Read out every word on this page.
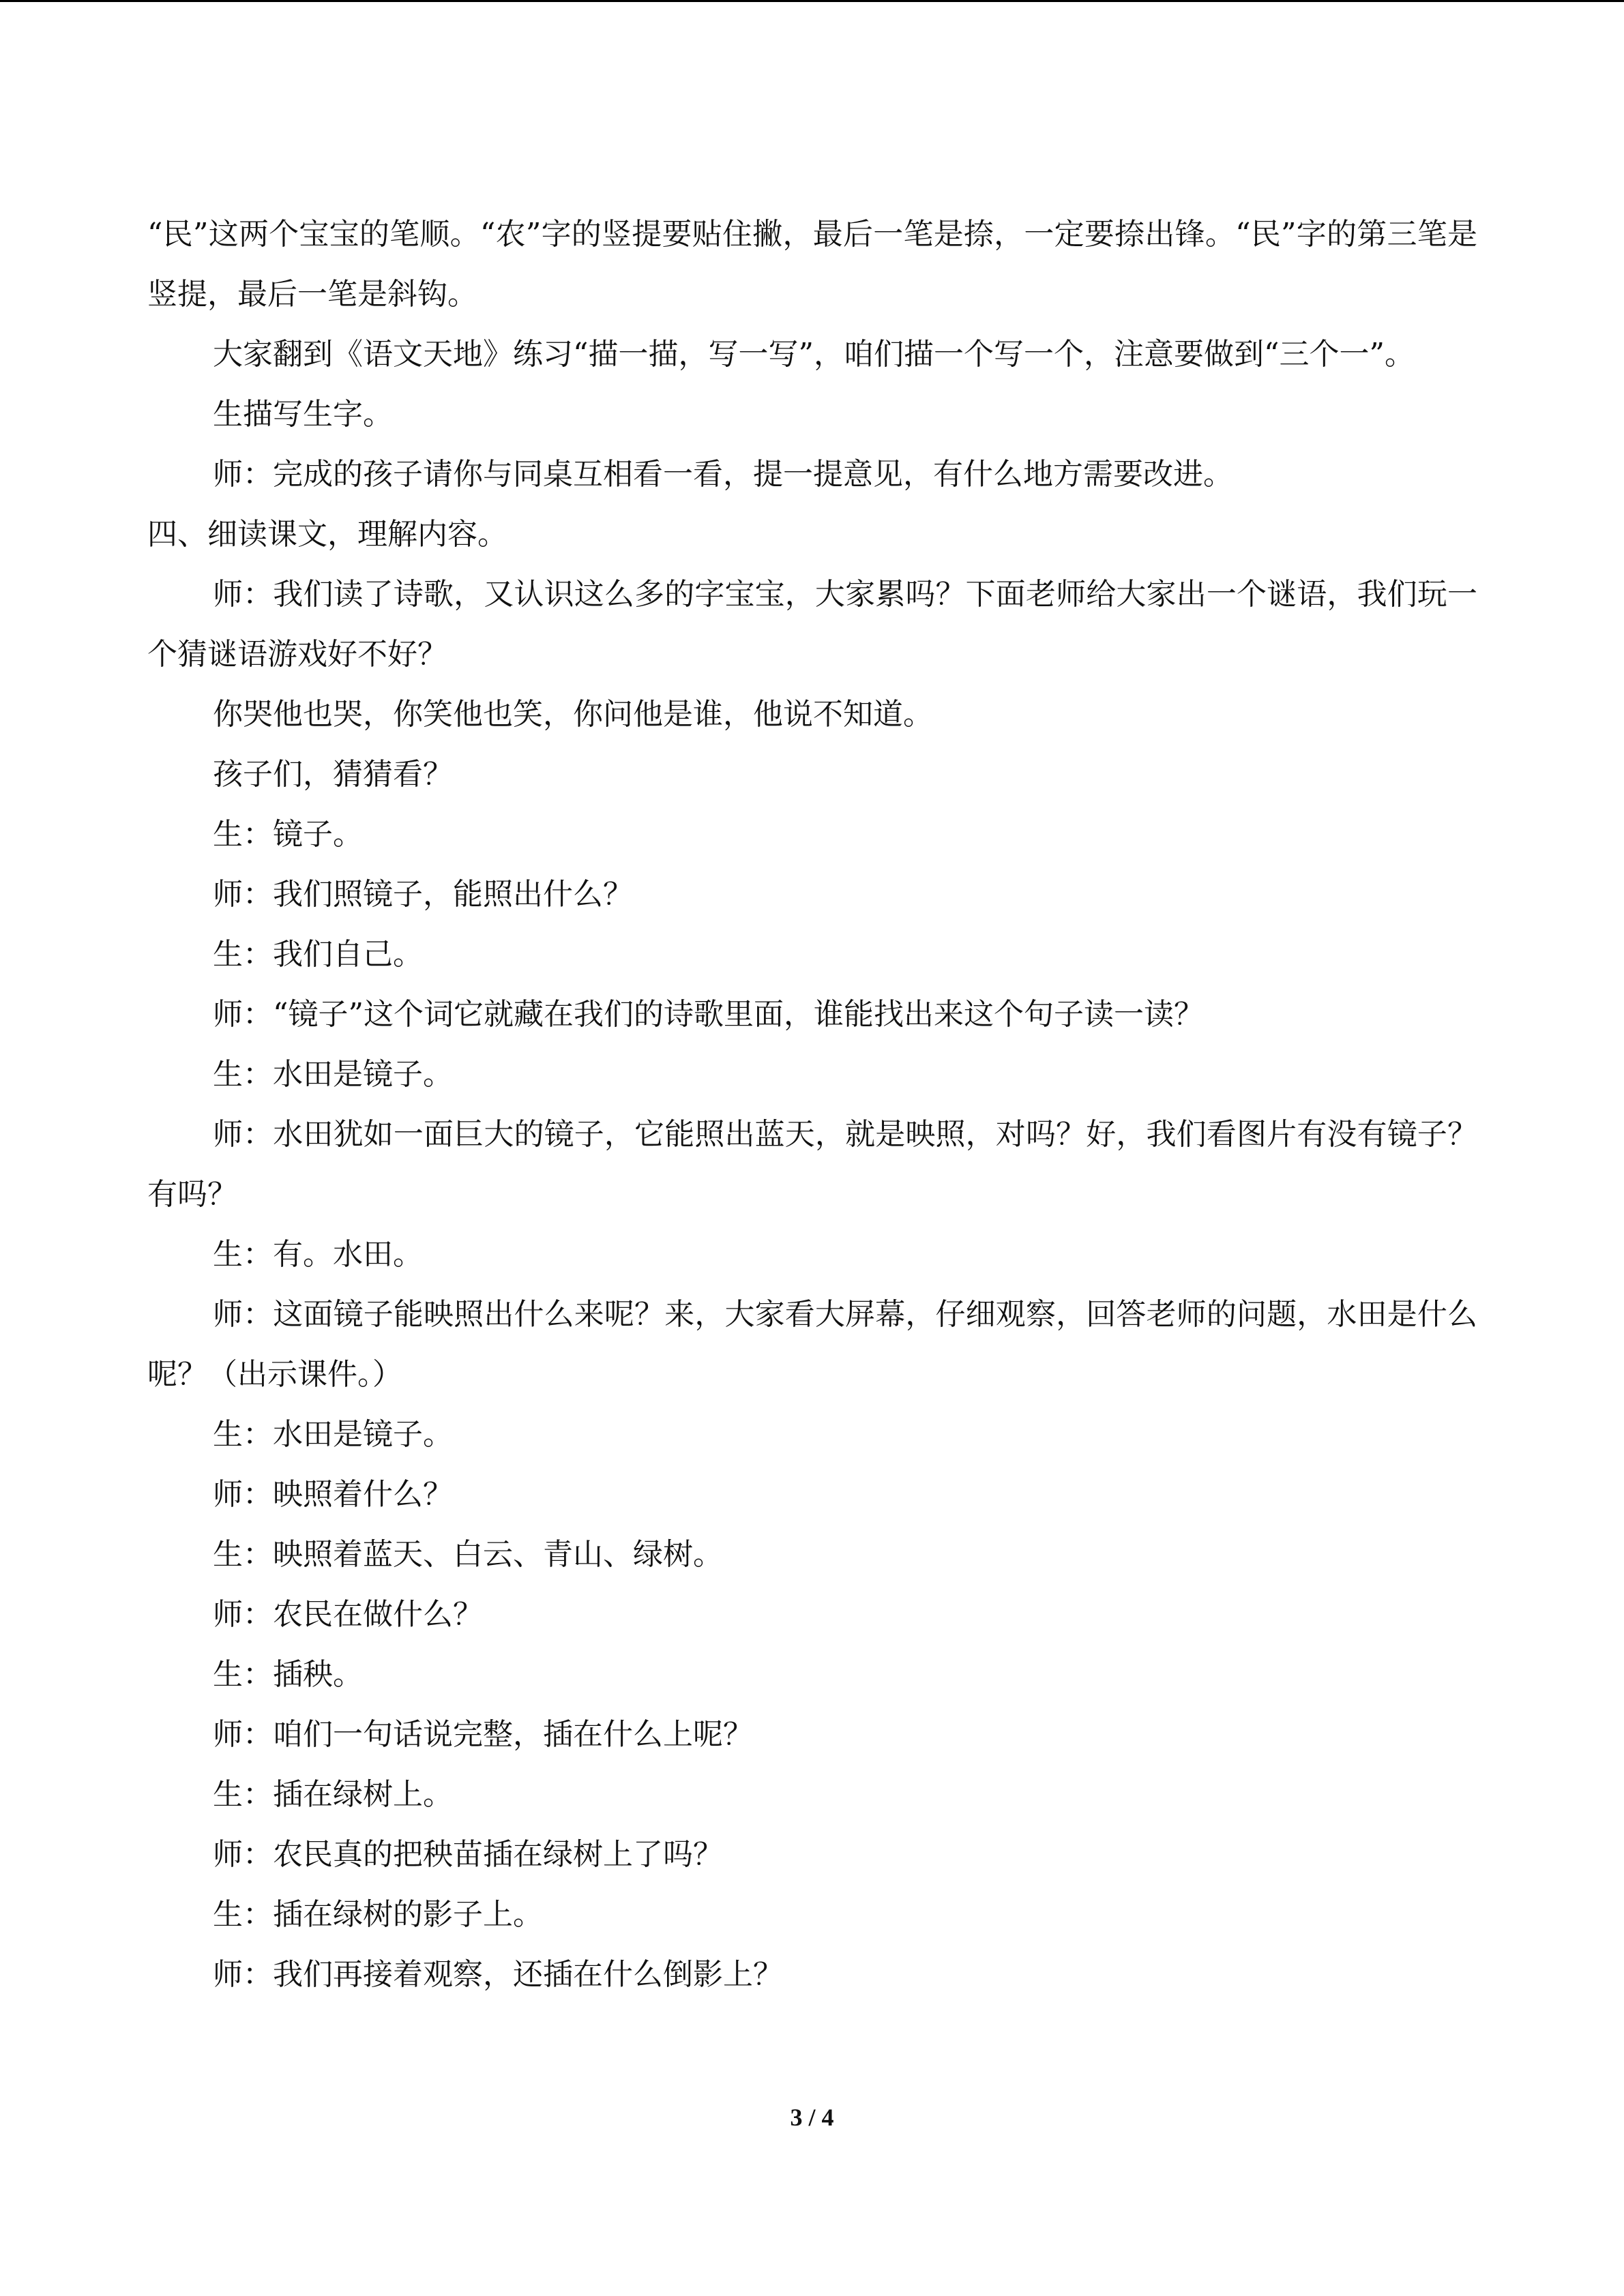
“民”这两个宝宝的笔顺。“农”字的竖提要贴住撇，最后一笔是捺，一定要捺出锋。“民”字的第三笔是竖提，最后一笔是斜钩。

大家翻到《语文天地》练习“描一描，写一写”，咱们描一个写一个，注意要做到“三个一”。

生描写生字。

师：完成的孩子请你与同桌互相看一看，提一提意见，有什么地方需要改进。

四、细读课文，理解内容。

师：我们读了诗歌，又认识这么多的字宝宝，大家累吗？下面老师给大家出一个谜语，我们玩一个猜谜语游戏好不好？

你哭他也哭，你笑他也笑，你问他是谁，他说不知道。

孩子们，猜猜看？

生：镜子。

师：我们照镜子，能照出什么？

生：我们自己。

师：“镜子”这个词它就藏在我们的诗歌里面，谁能找出来这个句子读一读？

生：水田是镜子。

师：水田犹如一面巨大的镜子，它能照出蓝天，就是映照，对吗？好，我们看图片有没有镜子？有吗？

生：有。水田。

师：这面镜子能映照出什么来呢？来，大家看大屏幕，仔细观察，回答老师的问题，水田是什么呢？（出示课件。）

生：水田是镜子。

师：映照着什么？

生：映照着蓝天、白云、青山、绿树。

师：农民在做什么？

生：插秧。

师：咱们一句话说完整，插在什么上呢？

生：插在绿树上。

师：农民真的把秧苗插在绿树上了吗？

生：插在绿树的影子上。

师：我们再接着观察，还插在什么倒影上？

3 / 4
